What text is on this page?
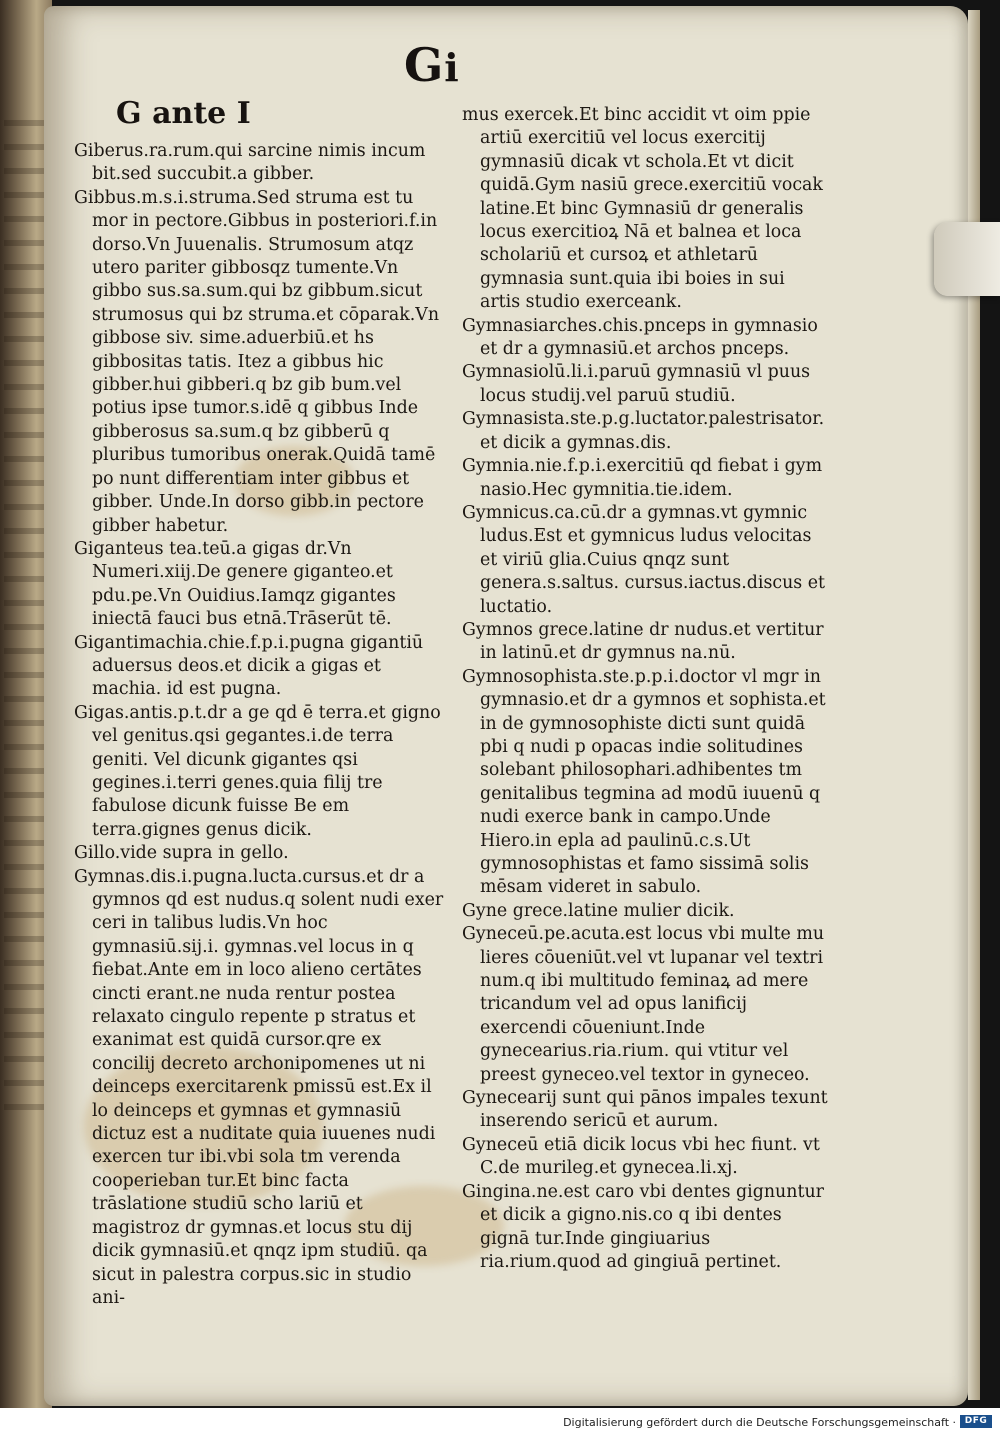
Gi
G ante I

Giberus.ra.rum.qui sarcine nimis incum bit.sed succubit.a gibber.

Gibbus.m.s.i.struma.Sed struma est tu mor in pectore.Gibbus in posteriori.f.in dorso.Vn Juuenalis. Strumosum atqz utero pariter gibbosqz tumente.Vn gibbo sus.sa.sum.qui bz gibbum.sicut strumosus qui bz struma.et cōparak.Vn gibbose siv. sime.aduerbiū.et hs gibbositas tatis. Itez a gibbus hic gibber.hui gibberi.q bz gib bum.vel potius ipse tumor.s.idē q gibbus Inde gibberosus sa.sum.q bz gibberū q pluribus tumoribus onerak.Quidā tamē po nunt differentiam inter gibbus et gibber. Unde.In dorso gibb.in pectore gibber habetur.

Giganteus tea.teū.a gigas dr.Vn Numeri.xiij.De genere giganteo.et pdu.pe.Vn Ouidius.Iamqz gigantes iniectā fauci bus etnā.Trāserūt tē.

Gigantimachia.chie.f.p.i.pugna gigantiū aduersus deos.et dicik a gigas et machia. id est pugna.

Gigas.antis.p.t.dr a ge qd ē terra.et gigno vel genitus.qsi gegantes.i.de terra geniti. Vel dicunk gigantes qsi gegines.i.terri genes.quia filij tre fabulose dicunk fuisse Be em terra.gignes genus dicik.

Gillo.vide supra in gello.

Gymnas.dis.i.pugna.lucta.cursus.et dr a gymnos qd est nudus.q solent nudi exer ceri in talibus ludis.Vn hoc gymnasiū.sij.i. gymnas.vel locus in q fiebat.Ante em in loco alieno certātes cincti erant.ne nuda rentur postea relaxato cingulo repente p stratus et exanimat est quidā cursor.qre ex concilij decreto archonipomenes ut ni deinceps exercitarenk pmissū est.Ex il lo deinceps et gymnas et gymnasiū dictuz est a nuditate quia iuuenes nudi exercen tur ibi.vbi sola tm verenda cooperieban tur.Et binc facta trāslatione studiū scho lariū et magistroz dr gymnas.et locus stu dij dicik gymnasiū.et qnqz ipm studiū. qa sicut in palestra corpus.sic in studio ani-

mus exercek.Et binc accidit vt oim ppie artiū exercitiū vel locus exercitij gymnasiū dicak vt schola.Et vt dicit quidā.Gym nasiū grece.exercitiū vocak latine.Et binc Gymnasiū dr generalis locus exercitioꝝ Nā et balnea et loca scholariū et cursoꝝ et athletarū gymnasia sunt.quia ibi boies in sui artis studio exerceank.

Gymnasiarches.chis.pnceps in gymnasio et dr a gymnasiū.et archos pnceps.

Gymnasiolū.li.i.paruū gymnasiū vl puus locus studij.vel paruū studiū.

Gymnasista.ste.p.g.luctator.palestrisator. et dicik a gymnas.dis.

Gymnia.nie.f.p.i.exercitiū qd fiebat i gym nasio.Hec gymnitia.tie.idem.

Gymnicus.ca.cū.dr a gymnas.vt gymnic ludus.Est et gymnicus ludus velocitas et viriū glia.Cuius qnqz sunt genera.s.saltus. cursus.iactus.discus et luctatio.

Gymnos grece.latine dr nudus.et vertitur in latinū.et dr gymnus na.nū.

Gymnosophista.ste.p.p.i.doctor vl mgr in gymnasio.et dr a gymnos et sophista.et in de gymnosophiste dicti sunt quidā pbi q nudi p opacas indie solitudines solebant philosophari.adhibentes tm genitalibus tegmina ad modū iuuenū q nudi exerce bank in campo.Unde Hiero.in epla ad paulinū.c.s.Ut gymnosophistas et famo sissimā solis mēsam videret in sabulo.

Gyne grece.latine mulier dicik.

Gyneceū.pe.acuta.est locus vbi multe mu lieres cōueniūt.vel vt lupanar vel textri num.q ibi multitudo feminaꝝ ad mere tricandum vel ad opus lanificij exercendi cōueniunt.Inde gynecearius.ria.rium. qui vtitur vel preest gyneceo.vel textor in gyneceo.

Gynecearij sunt qui pānos impales texunt inserendo sericū et aurum.

Gyneceū etiā dicik locus vbi hec fiunt. vt C.de murileg.et gynecea.li.xj.

Gingina.ne.est caro vbi dentes gignuntur et dicik a gigno.nis.co q ibi dentes gignā tur.Inde gingiuarius ria.rium.quod ad gingiuā pertinet.

Digitalisierung gefördert durch die Deutsche Forschungsgemeinschaft · DFG
